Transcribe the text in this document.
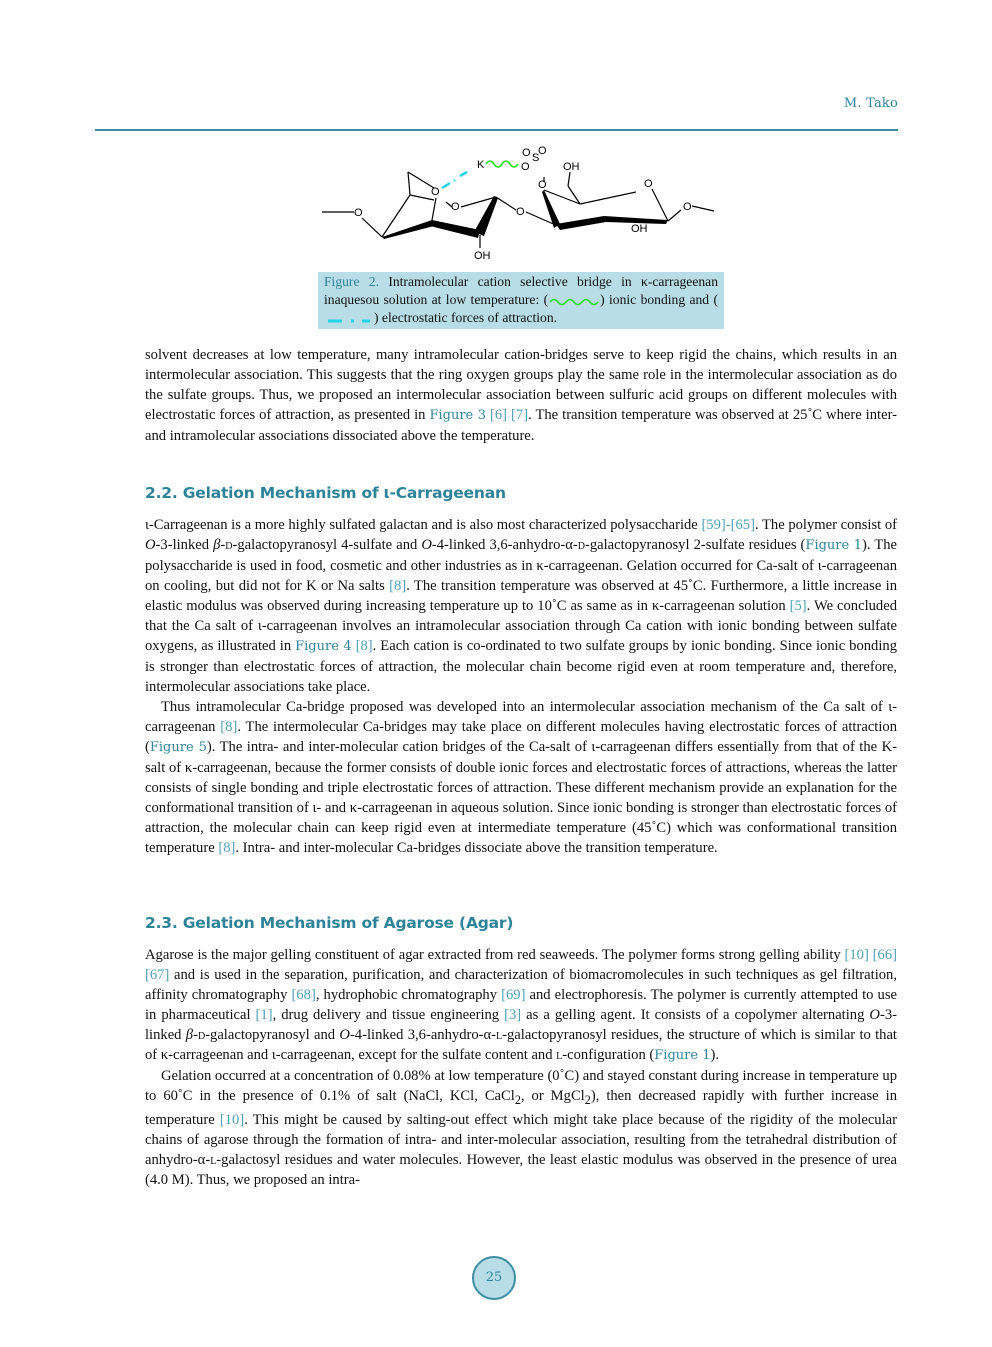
M. Tako
O
O
O	O
OH
K
O S
O
O
O
OH
O
OH
O
Figure 2. Intramolecular cation selective bridge in κ-carrageenan inaquesou solution at low temperature: (	) ionic bonding and () electrostatic forces of attraction.

solvent decreases at low temperature, many intramolecular cation-bridges serve to keep rigid the chains, which results in an intermolecular association. This suggests that the ring oxygen groups play the same role in the intermolecular association as do the sulfate groups. Thus, we proposed an intermolecular association between sulfuric acid groups on different molecules with electrostatic forces of attraction, as presented in Figure 3 [6] [7]. The transition temperature was observed at 25˚C where inter- and intramolecular associations dissociated above the temperature.

2.2. Gelation Mechanism of ι-Carrageenan

ι-Carrageenan is a more highly sulfated galactan and is also most characterized polysaccharide [59]-[65]. The polymer consist of O-3-linked β-d-galactopyranosyl 4-sulfate and O-4-linked 3,6-anhydro-α-d-galactopyranosyl 2-sulfate residues (Figure 1). The polysaccharide is used in food, cosmetic and other industries as in κ-carrageenan. Gelation occurred for Ca-salt of ι-carrageenan on cooling, but did not for K or Na salts [8]. The transition temperature was observed at 45˚C. Furthermore, a little increase in elastic modulus was observed during increasing temperature up to 10˚C as same as in κ-carrageenan solution [5]. We concluded that the Ca salt of ι-carrageenan involves an intramolecular association through Ca cation with ionic bonding between sulfate oxygens, as illustrated in Figure 4 [8]. Each cation is co-ordinated to two sulfate groups by ionic bonding. Since ionic bonding is stronger than electrostatic forces of attraction, the molecular chain become rigid even at room temperature and, therefore, intermolecular associations take place.

Thus intramolecular Ca-bridge proposed was developed into an intermolecular association mechanism of the Ca salt of ι-carrageenan [8]. The intermolecular Ca-bridges may take place on different molecules having electrostatic forces of attraction (Figure 5). The intra- and inter-molecular cation bridges of the Ca-salt of ι-carrageenan differs essentially from that of the K-salt of κ-carrageenan, because the former consists of double ionic forces and electrostatic forces of attractions, whereas the latter consists of single bonding and triple electrostatic forces of attraction. These different mechanism provide an explanation for the conformational transition of ι- and κ-carrageenan in aqueous solution. Since ionic bonding is stronger than electrostatic forces of attraction, the molecular chain can keep rigid even at intermediate temperature (45˚C) which was conformational transition temperature [8]. Intra- and inter-molecular Ca-bridges dissociate above the transition temperature.

2.3. Gelation Mechanism of Agarose (Agar)

Agarose is the major gelling constituent of agar extracted from red seaweeds. The polymer forms strong gelling ability [10] [66] [67] and is used in the separation, purification, and characterization of biomacromolecules in such techniques as gel filtration, affinity chromatography [68], hydrophobic chromatography [69] and electrophoresis. The polymer is currently attempted to use in pharmaceutical [1], drug delivery and tissue engineering [3] as a gelling agent. It consists of a copolymer alternating O-3-linked β-d-galactopyranosyl and O-4-linked 3,6-anhydro-α-l-galactopyranosyl residues, the structure of which is similar to that of κ-carrageenan and ι-carrageenan, except for the sulfate content and l-configuration (Figure 1).

Gelation occurred at a concentration of 0.08% at low temperature (0˚C) and stayed constant during increase in temperature up to 60˚C in the presence of 0.1% of salt (NaCl, KCl, CaCl$_2$, or MgCl$_2$), then decreased rapidly with further increase in temperature [10]. This might be caused by salting-out effect which might take place because of the rigidity of the molecular chains of agarose through the formation of intra- and inter-molecular association, resulting from the tetrahedral distribution of anhydro-α-l-galactosyl residues and water molecules. However, the least elastic modulus was observed in the presence of urea (4.0 M). Thus, we proposed an intra-

25
